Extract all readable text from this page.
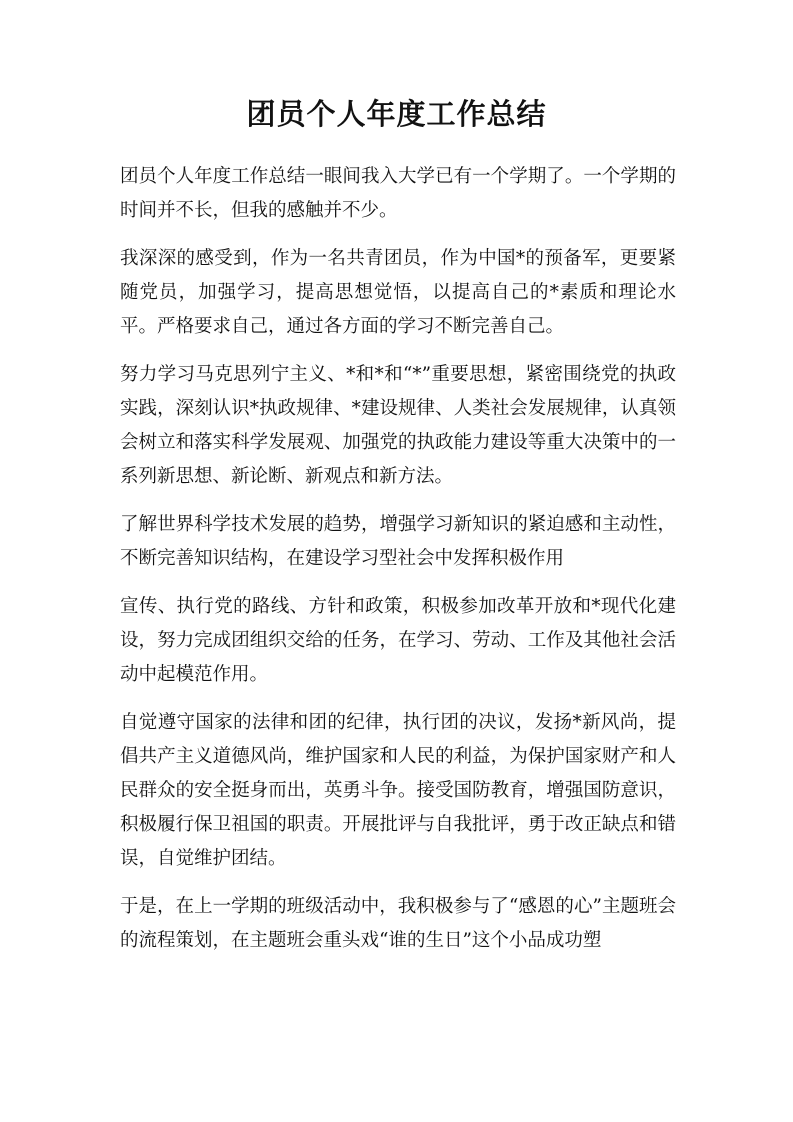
团员个人年度工作总结

团员个人年度工作总结一眼间我入大学已有一个学期了。一个学期的时间并不长，但我的感触并不少。

我深深的感受到，作为一名共青团员，作为中国*的预备军，更要紧随党员，加强学习，提高思想觉悟，以提高自己的*素质和理论水平。严格要求自己，通过各方面的学习不断完善自己。

努力学习马克思列宁主义、*和*和“*”重要思想，紧密围绕党的执政实践，深刻认识*执政规律、*建设规律、人类社会发展规律，认真领会树立和落实科学发展观、加强党的执政能力建设等重大决策中的一系列新思想、新论断、新观点和新方法。

了解世界科学技术发展的趋势，增强学习新知识的紧迫感和主动性，不断完善知识结构，在建设学习型社会中发挥积极作用

宣传、执行党的路线、方针和政策，积极参加改革开放和*现代化建设，努力完成团组织交给的任务，在学习、劳动、工作及其他社会活动中起模范作用。

自觉遵守国家的法律和团的纪律，执行团的决议，发扬*新风尚，提倡共产主义道德风尚，维护国家和人民的利益，为保护国家财产和人民群众的安全挺身而出，英勇斗争。接受国防教育，增强国防意识，积极履行保卫祖国的职责。开展批评与自我批评，勇于改正缺点和错误，自觉维护团结。

于是，在上一学期的班级活动中，我积极参与了“感恩的心”主题班会的流程策划，在主题班会重头戏“谁的生日”这个小品成功塑
